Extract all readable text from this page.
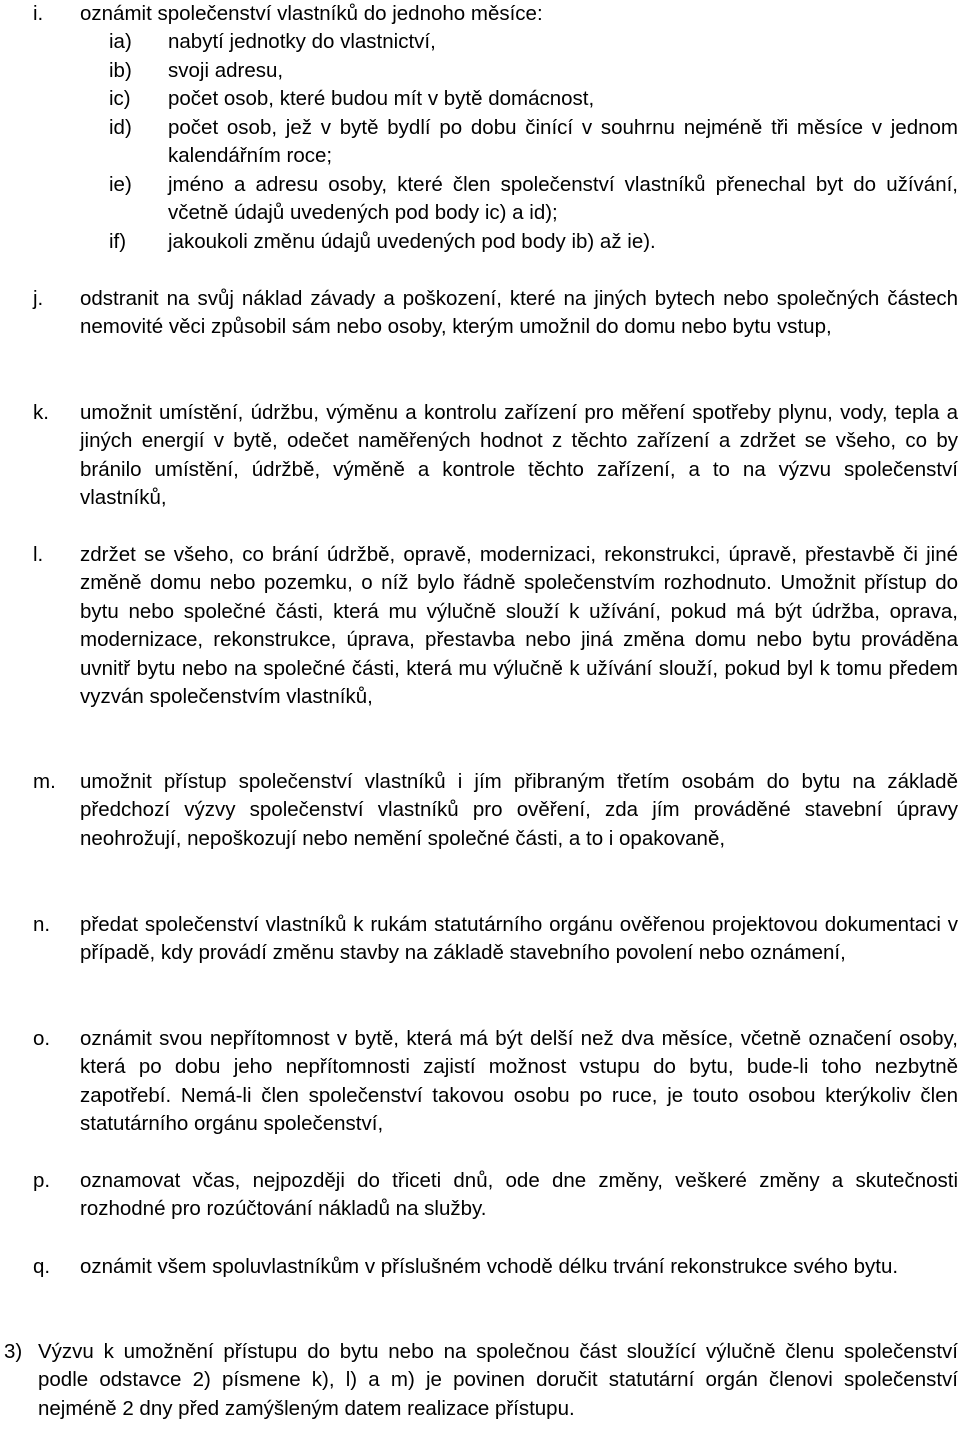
i. oznámit společenství vlastníků do jednoho měsíce:
ia) nabytí jednotky do vlastnictví,
ib) svoji adresu,
ic) počet osob, které budou mít v bytě domácnost,
id) počet osob, jež v bytě bydlí po dobu činící v souhrnu nejméně tři měsíce v jednom kalendářním roce;
ie) jméno a adresu osoby, které člen společenství vlastníků přenechal byt do užívání, včetně údajů uvedených pod body ic) a id);
if) jakoukoli změnu údajů uvedených pod body ib) až ie).
j. odstranit na svůj náklad závady a poškození, které na jiných bytech nebo společných částech nemovité věci způsobil sám nebo osoby, kterým umožnil do domu nebo bytu vstup,
k. umožnit umístění, údržbu, výměnu a kontrolu zařízení pro měření spotřeby plynu, vody, tepla a jiných energií v bytě, odečet naměřených hodnot z těchto zařízení a zdržet se všeho, co by bránilo umístění, údržbě, výměně a kontrole těchto zařízení, a to na výzvu společenství vlastníků,
l. zdržet se všeho, co brání údržbě, opravě, modernizaci, rekonstrukci, úpravě, přestavbě či jiné změně domu nebo pozemku, o níž bylo řádně společenstvím rozhodnuto. Umožnit přístup do bytu nebo společné části, která mu výlučně slouží k užívání, pokud má být údržba, oprava, modernizace, rekonstrukce, úprava, přestavba nebo jiná změna domu nebo bytu prováděna uvnitř bytu nebo na společné části, která mu výlučně k užívání slouží, pokud byl k tomu předem vyzván společenstvím vlastníků,
m. umožnit přístup společenství vlastníků i jím přibraným třetím osobám do bytu na základě předchozí výzvy společenství vlastníků pro ověření, zda jím prováděné stavební úpravy neohrožují, nepoškozují nebo nemění společné části, a to i opakovaně,
n. předat společenství vlastníků k rukám statutárního orgánu ověřenou projektovou dokumentaci v případě, kdy provádí změnu stavby na základě stavebního povolení nebo oznámení,
o. oznámit svou nepřítomnost v bytě, která má být delší než dva měsíce, včetně označení osoby, která po dobu jeho nepřítomnosti zajistí možnost vstupu do bytu, bude-li toho nezbytně zapotřebí. Nemá-li člen společenství takovou osobu po ruce, je touto osobou kterýkoliv člen statutárního orgánu společenství,
p. oznamovat včas, nejpozději do třiceti dnů, ode dne změny, veškeré změny a skutečnosti rozhodné pro rozúčtování nákladů na služby.
q. oznámit všem spoluvlastníkům v příslušném vchodě délku trvání rekonstrukce svého bytu.
3) Výzvu k umožnění přístupu do bytu nebo na společnou část sloužící výlučně členu společenství podle odstavce 2) písmene k), l) a m) je povinen doručit statutární orgán členovi společenství nejméně 2 dny před zamýšleným datem realizace přístupu.
